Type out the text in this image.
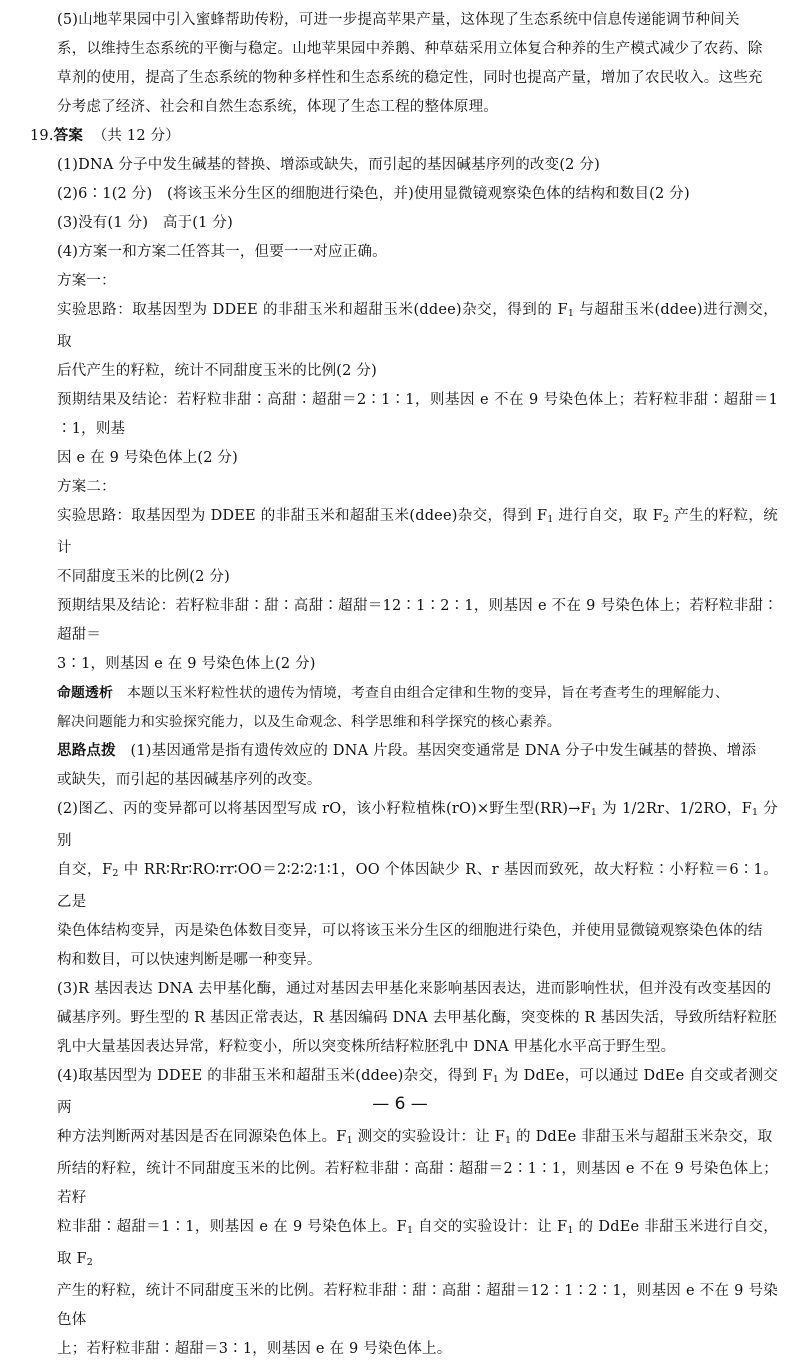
(5)山地苹果园中引入蜜蜂帮助传粉，可进一步提高苹果产量，这体现了生态系统中信息传递能调节种间关

系，以维持生态系统的平衡与稳定。山地苹果园中养鹅、种草菇采用立体复合种养的生产模式减少了农药、除

草剂的使用，提高了生态系统的物种多样性和生态系统的稳定性，同时也提高产量，增加了农民收入。这些充

分考虑了经济、社会和自然生态系统，体现了生态工程的整体原理。

19.答案 （共 12 分）

(1)DNA 分子中发生碱基的替换、增添或缺失，而引起的基因碱基序列的改变(2 分)

(2)6∶1(2 分)　(将该玉米分生区的细胞进行染色，并)使用显微镜观察染色体的结构和数目(2 分)

(3)没有(1 分)　高于(1 分)

(4)方案一和方案二任答其一，但要一一对应正确。

方案一：

实验思路：取基因型为 DDEE 的非甜玉米和超甜玉米(ddee)杂交，得到的 $F_1$ 与超甜玉米(ddee)进行测交，取

后代产生的籽粒，统计不同甜度玉米的比例(2 分)

预期结果及结论：若籽粒非甜∶高甜∶超甜＝2∶1∶1，则基因 e 不在 9 号染色体上；若籽粒非甜∶超甜＝1∶1，则基

因 e 在 9 号染色体上(2 分)

方案二：

实验思路：取基因型为 DDEE 的非甜玉米和超甜玉米(ddee)杂交，得到 $F_1$ 进行自交，取 $F_2$ 产生的籽粒，统计

不同甜度玉米的比例(2 分)

预期结果及结论：若籽粒非甜∶甜∶高甜∶超甜＝12∶1∶2∶1，则基因 e 不在 9 号染色体上；若籽粒非甜∶超甜＝

3∶1，则基因 e 在 9 号染色体上(2 分)

命题透析　本题以玉米籽粒性状的遗传为情境，考查自由组合定律和生物的变异，旨在考查考生的理解能力、

解决问题能力和实验探究能力，以及生命观念、科学思维和科学探究的核心素养。

思路点拨　(1)基因通常是指有遗传效应的 DNA 片段。基因突变通常是 DNA 分子中发生碱基的替换、增添

或缺失，而引起的基因碱基序列的改变。

(2)图乙、丙的变异都可以将基因型写成 rO，该小籽粒植株(rO)×野生型$(RR)\to F_1$ 为 1/2Rr、1/2RO，$F_1$ 分别

自交，$F_2$ 中 RR∶Rr∶RO∶rr∶OO＝2∶2∶2∶1∶1，OO 个体因缺少 R、r 基因而致死，故大籽粒∶小籽粒＝6∶1。乙是

染色体结构变异，丙是染色体数目变异，可以将该玉米分生区的细胞进行染色，并使用显微镜观察染色体的结

构和数目，可以快速判断是哪一种变异。

(3)R 基因表达 DNA 去甲基化酶，通过对基因去甲基化来影响基因表达，进而影响性状，但并没有改变基因的

碱基序列。野生型的 R 基因正常表达，R 基因编码 DNA 去甲基化酶，突变株的 R 基因失活，导致所结籽粒胚

乳中大量基因表达异常，籽粒变小，所以突变株所结籽粒胚乳中 DNA 甲基化水平高于野生型。

(4)取基因型为 DDEE 的非甜玉米和超甜玉米(ddee)杂交，得到 $F_1$ 为 DdEe，可以通过 DdEe 自交或者测交两

种方法判断两对基因是否在同源染色体上。$F_1$ 测交的实验设计：让 $F_1$ 的 DdEe 非甜玉米与超甜玉米杂交，取

所结的籽粒，统计不同甜度玉米的比例。若籽粒非甜∶高甜∶超甜＝2∶1∶1，则基因 e 不在 9 号染色体上；若籽

粒非甜∶超甜＝1∶1，则基因 e 在 9 号染色体上。$F_1$ 自交的实验设计：让 $F_1$ 的 DdEe 非甜玉米进行自交，取 $F_2$

产生的籽粒，统计不同甜度玉米的比例。若籽粒非甜∶甜∶高甜∶超甜＝12∶1∶2∶1，则基因 e 不在 9 号染色体

上；若籽粒非甜∶超甜＝3∶1，则基因 e 在 9 号染色体上。

— 6 —
